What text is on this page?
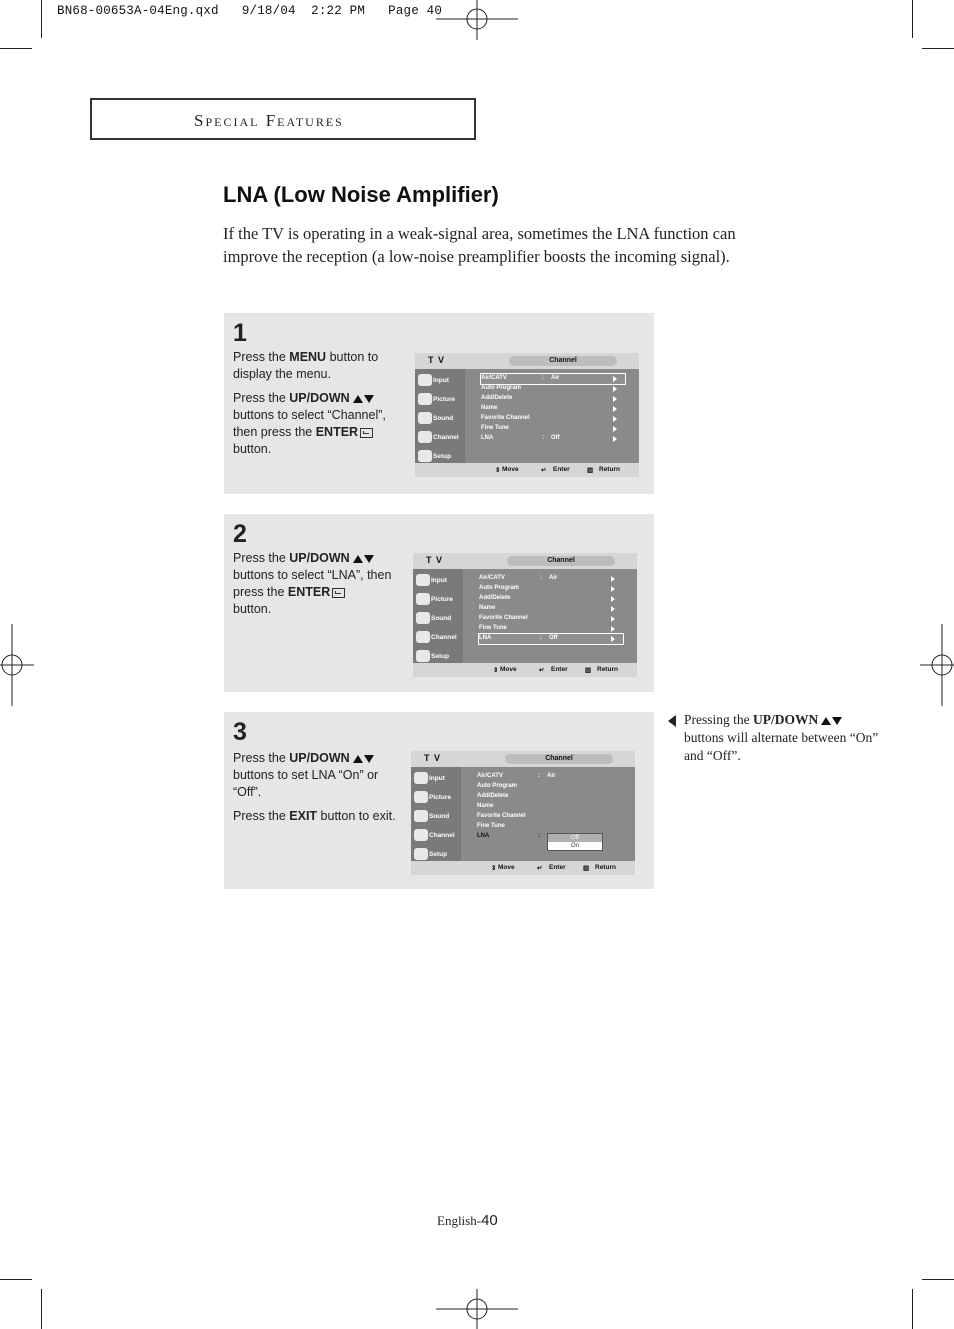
BN68-00653A-04Eng.qxd   9/18/04  2:22 PM   Page 40
Special Features
LNA (Low Noise Amplifier)
If the TV is operating in a weak-signal area, sometimes the LNA function can improve the reception (a low-noise preamplifier boosts the incoming signal).
1

Press the MENU button to display the menu.

Press the UP/DOWN buttons to select “Channel”, then press the ENTER
button.

T V	Channel
Input
Picture
Sound
Channel
Setup
Air/CATV	: Air
Auto Program
Add/Delete
Name
Favorite Channel
Fine Tune
LNA	: Off
⇕ Move	↵ Enter	▥ Return
2

Press the UP/DOWN buttons to select “LNA”, then press the ENTER
button.

T V	Channel
Input
Picture
Sound
Channel
Setup
Air/CATV	: Air
Auto Program
Add/Delete
Name
Favorite Channel
Fine Tune
LNA	: Off
⇕ Move	↵ Enter	▥ Return
3

Press the UP/DOWN buttons to set LNA “On” or “Off”.

Press the EXIT button to exit.

T V	Channel
Input
Picture
Sound
Channel
Setup
Air/CATV	: Air
Auto Program
Add/Delete
Name
Favorite Channel
Fine Tune
LNA	:	Off
On
⇕ Move	↵ Enter	▥ Return
Pressing the UP/DOWN buttons will alternate between “On” and “Off”.
English-40
